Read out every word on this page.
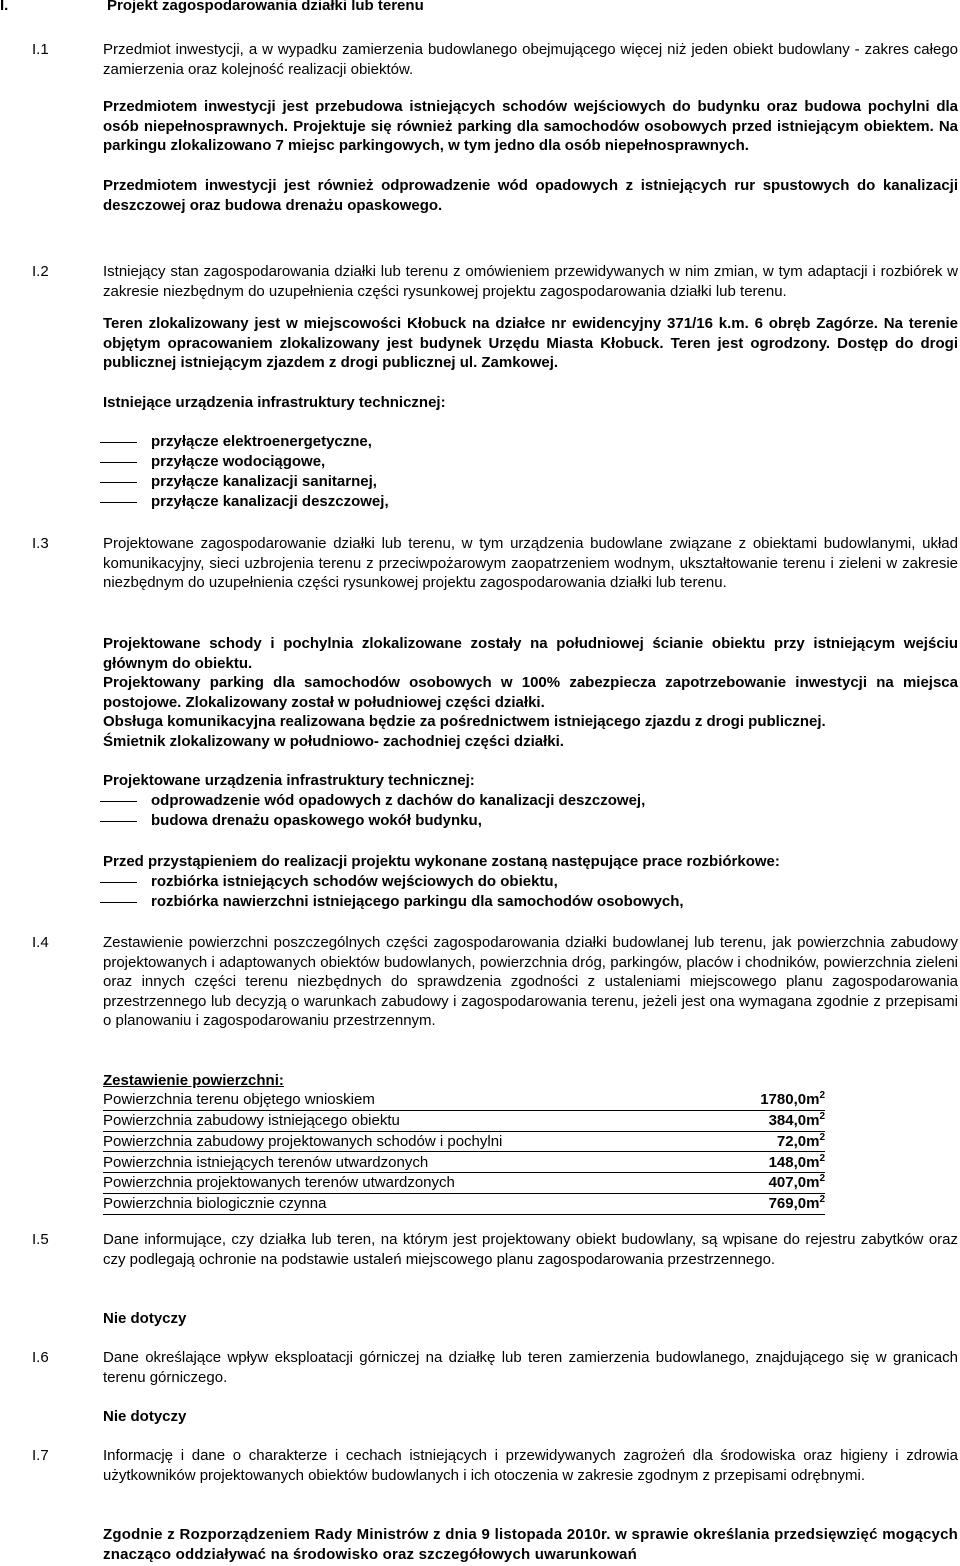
I.	Projekt zagospodarowania działki lub terenu
I.1	Przedmiot inwestycji, a w wypadku zamierzenia budowlanego obejmującego więcej niż jeden obiekt budowlany - zakres całego zamierzenia oraz kolejność realizacji obiektów.
Przedmiotem inwestycji jest przebudowa istniejących schodów wejściowych do budynku oraz budowa pochylni dla osób niepełnosprawnych. Projektuje się również parking dla samochodów osobowych przed istniejącym obiektem. Na parkingu zlokalizowano 7 miejsc parkingowych, w tym jedno dla osób niepełnosprawnych.
Przedmiotem inwestycji jest również odprowadzenie wód opadowych z istniejących rur spustowych do kanalizacji deszczowej oraz budowa drenażu opaskowego.
I.2	Istniejący stan zagospodarowania działki lub terenu z omówieniem przewidywanych w nim zmian, w tym adaptacji i rozbiórek w zakresie niezbędnym do uzupełnienia części rysunkowej projektu zagospodarowania działki lub terenu.
Teren zlokalizowany jest w miejscowości Kłobuck na działce nr ewidencyjny 371/16 k.m. 6 obręb Zagórze. Na terenie objętym opracowaniem zlokalizowany jest budynek Urzędu Miasta Kłobuck. Teren jest ogrodzony. Dostęp do drogi publicznej istniejącym zjazdem z drogi publicznej ul. Zamkowej.
Istniejące urządzenia infrastruktury technicznej:
przyłącze elektroenergetyczne,
przyłącze wodociągowe,
przyłącze kanalizacji sanitarnej,
przyłącze kanalizacji deszczowej,
I.3	Projektowane zagospodarowanie działki lub terenu, w tym urządzenia budowlane związane z obiektami budowlanymi, układ komunikacyjny, sieci uzbrojenia terenu z przeciwpożarowym zaopatrzeniem wodnym, ukształtowanie terenu i zieleni w zakresie niezbędnym do uzupełnienia części rysunkowej projektu zagospodarowania działki lub terenu.
Projektowane schody i pochylnia zlokalizowane zostały na południowej ścianie obiektu przy istniejącym wejściu głównym do obiektu.
Projektowany parking dla samochodów osobowych w 100% zabezpiecza zapotrzebowanie inwestycji na miejsca postojowe. Zlokalizowany został w południowej części działki.
Obsługa komunikacyjna realizowana będzie za pośrednictwem istniejącego zjazdu z drogi publicznej.
Śmietnik zlokalizowany w południowo- zachodniej części działki.
Projektowane urządzenia infrastruktury technicznej:
odprowadzenie wód opadowych z dachów do kanalizacji deszczowej,
budowa drenażu opaskowego wokół budynku,
Przed przystąpieniem do realizacji projektu wykonane zostaną następujące prace rozbiórkowe:
rozbiórka istniejących schodów wejściowych do obiektu,
rozbiórka nawierzchni istniejącego parkingu dla samochodów osobowych,
I.4	Zestawienie powierzchni poszczególnych części zagospodarowania działki budowlanej lub terenu, jak powierzchnia zabudowy projektowanych i adaptowanych obiektów budowlanych, powierzchnia dróg, parkingów, placów i chodników, powierzchnia zieleni oraz innych części terenu niezbędnych do sprawdzenia zgodności z ustaleniami miejscowego planu zagospodarowania przestrzennego lub decyzją o warunkach zabudowy i zagospodarowania terenu, jeżeli jest ona wymagana zgodnie z przepisami o planowaniu i zagospodarowaniu przestrzennym.
Zestawienie powierzchni:
Powierzchnia terenu objętego wnioskiem	$1780,0m^2$
Powierzchnia zabudowy istniejącego obiektu	$384,0m^2$
Powierzchnia zabudowy projektowanych schodów i pochylni	$72,0m^2$
Powierzchnia istniejących terenów utwardzonych	$148,0m^2$
Powierzchnia projektowanych terenów utwardzonych	$407,0m^2$
Powierzchnia biologicznie czynna	$769,0m^2$
I.5	Dane informujące, czy działka lub teren, na którym jest projektowany obiekt budowlany, są wpisane do rejestru zabytków oraz czy podlegają ochronie na podstawie ustaleń miejscowego planu zagospodarowania przestrzennego.
Nie dotyczy
I.6	Dane określające wpływ eksploatacji górniczej na działkę lub teren zamierzenia budowlanego, znajdującego się w granicach terenu górniczego.
Nie dotyczy
I.7	Informację i dane o charakterze i cechach istniejących i przewidywanych zagrożeń dla środowiska oraz higieny i zdrowia użytkowników projektowanych obiektów budowlanych i ich otoczenia w zakresie zgodnym z przepisami odrębnymi.
Zgodnie z Rozporządzeniem Rady Ministrów z dnia 9 listopada 2010r. w sprawie określania przedsięwzięć mogących znacząco oddziaływać na środowisko oraz szczegółowych uwarunkowań
